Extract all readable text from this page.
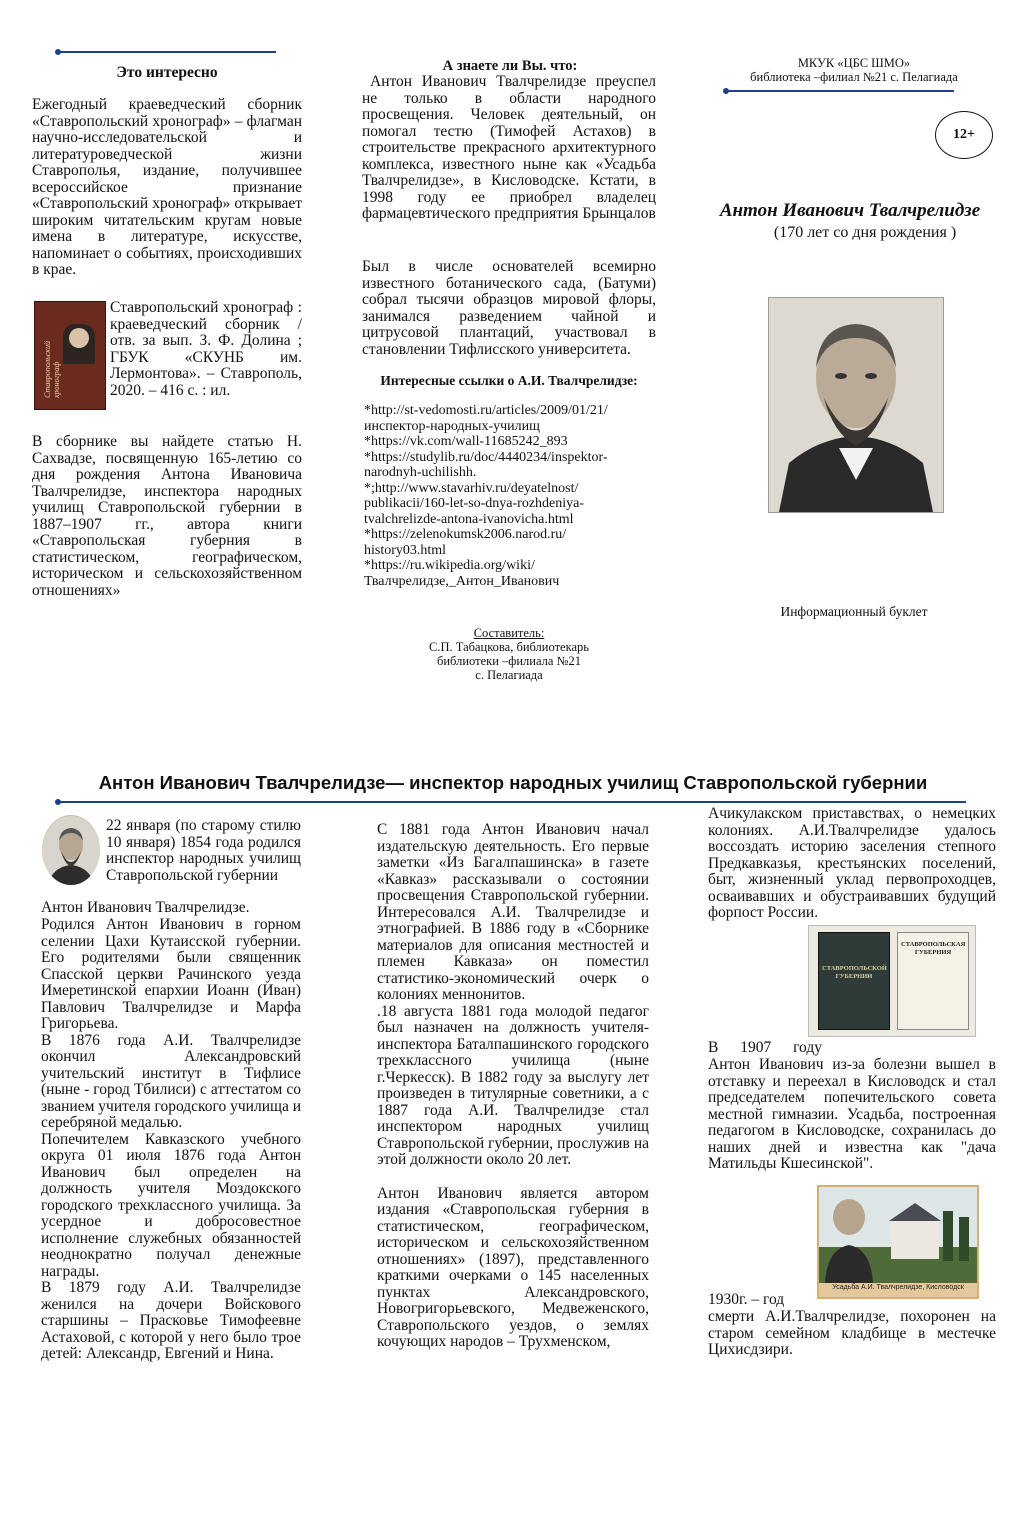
Это интересно

Ежегодный краеведческий сборник «Ставропольский хронограф» – флагман научно-исследовательской и литературоведческой жизни Ставрополья, издание, получившее всероссийское признание «Ставропольский хронограф» открывает широким читательским кругам новые имена в литературе, искусстве, напоминает о событиях, происходивших в крае.

Ставропольский хронограф

Ставропольский хронограф : краеведческий сборник / отв. за вып. З. Ф. Долина ; ГБУК «СКУНБ им. Лермонтова». – Ставрополь, 2020. – 416 с. : ил.

В сборнике вы найдете статью Н. Сахвадзе, посвященную 165-летию со дня рождения Антона Ивановича Твалчрелидзе, инспектора народных училищ Ставропольской губернии в 1887–1907 гг., автора книги «Ставропольская губерния в статистическом, географическом, историческом и сельскохозяйственном отношениях»

А знаете ли Вы. что:

Антон Иванович Твалчрелидзе преуспел не только в области народного просвещения. Человек деятельный, он помогал тестю (Тимофей Астахов) в строительстве прекрасного архитектурного комплекса, известного ныне как «Усадьба Твалчрелидзе», в Кисловодске. Кстати, в 1998 году ее приобрел владелец фармацевтического предприятия Брынцалов

Был в числе основателей всемирно известного ботанического сада, (Батуми) собрал тысячи образцов мировой флоры, занимался разведением чайной и цитрусовой плантаций, участвовал в становлении Тифлисского университета.

Интересные ссылки о А.И. Твалчрелидзе:
*http://st-vedomosti.ru/articles/2009/01/21/
инспектор-народных-училищ
*https://vk.com/wall-11685242_893
*https://studylib.ru/doc/4440234/inspektor-
narodnyh-uchilishh.
*;http://www.stavarhiv.ru/deyatelnost/
publikacii/160-let-so-dnya-rozhdeniya-
tvalchrelizde-antona-ivanovicha.html
*https://zelenokumsk2006.narod.ru/
history03.html
*https://ru.wikipedia.org/wiki/
Твалчрелидзе,_Антон_Иванович
Составитель:
С.П. Табацкова, библиотекарь
библиотеки –филиала №21
с. Пелагиада
МКУК «ЦБС ШМО»
библиотека –филиал №21 с. Пелагиада
12+
Антон Иванович Твалчрелидзе
(170 лет со дня рождения )
Информационный буклет
Антон Иванович Твалчрелидзе— инспектор народных училищ Ставропольской губернии

22 января (по старому стилю 10 января) 1854 года родился инспектор народных училищ Ставропольской губернии

Антон Иванович Твалчрелидзе.

Родился Антон Иванович в горном селении Цахи Кутаисской губернии. Его родителями были священник Спасской церкви Рачинского уезда Имеретинской епархии Иоанн (Иван) Павлович Твалчрелидзе и Марфа Григорьева.

В 1876 года А.И. Твалчрелидзе окончил Александровский учительский институт в Тифлисе (ныне - город Тбилиси) с аттестатом со званием учителя городского училища и серебряной медалью.

Попечителем Кавказского учебного округа 01 июля 1876 года Антон Иванович был определен на должность учителя Моздокского городского трехклассного училища. За усердное и добросовестное исполнение служебных обязанностей неоднократно получал денежные награды.

В 1879 году А.И. Твалчрелидзе женился на дочери Войскового старшины – Прасковье Тимофеевне Астаховой, с которой у него было трое детей: Александр, Евгений и Нина.

С 1881 года Антон Иванович начал издательскую деятельность. Его первые заметки «Из Багалпашинска» в газете «Кавказ» рассказывали о состоянии просвещения Ставропольской губернии. Интересовался А.И. Твалчрелидзе и этнографией. В 1886 году в «Сборнике материалов для описания местностей и племен Кавказа» он поместил статистико-экономический очерк о колониях меннонитов.

.18 августа 1881 года молодой педагог был назначен на должность учителя-инспектора Баталпашинского городского трехклассного училища (ныне г.Черкесск). В 1882 году за выслугу лет произведен в титулярные советники, а с 1887 года А.И. Твалчрелидзе стал инспектором народных училищ Ставропольской губернии, прослужив на этой должности около 20 лет.

Антон Иванович является автором издания «Ставропольская губерния в статистическом, географическом, историческом и сельскохозяйственном отношениях» (1897), представленного краткими очерками о 145 населенных пунктах Александровского, Новогригорьевского, Медвеженского, Ставропольского уездов, о землях кочующих народов – Трухменском,

Ачикулакском приставствах, о немецких колониях. А.И.Твалчрелидзе удалось воссоздать историю заселения степного Предкавказья, крестьянских поселений, быт, жизненный уклад первопроходцев, осваивавших и обустраивавших будущий форпост России.

СТАВРОПОЛЬСКОЙ ГУБЕРНИИ
СТАВРОПОЛЬСКАЯ ГУБЕРНИЯ

В 1907 году

Антон Иванович из-за болезни вышел в отставку и переехал в Кисловодск и стал председателем попечительского совета местной гимназии. Усадьба, построенная педагогом в Кисловодске, сохранилась до наших дней и известна как "дача Матильды Кшесинской".

Усадьба А.И. Твалчрелидзе, Кисловодск

1930г. – год

смерти А.И.Твалчрелидзе, похоронен на старом семейном кладбище в местечке Цихисдзири.
